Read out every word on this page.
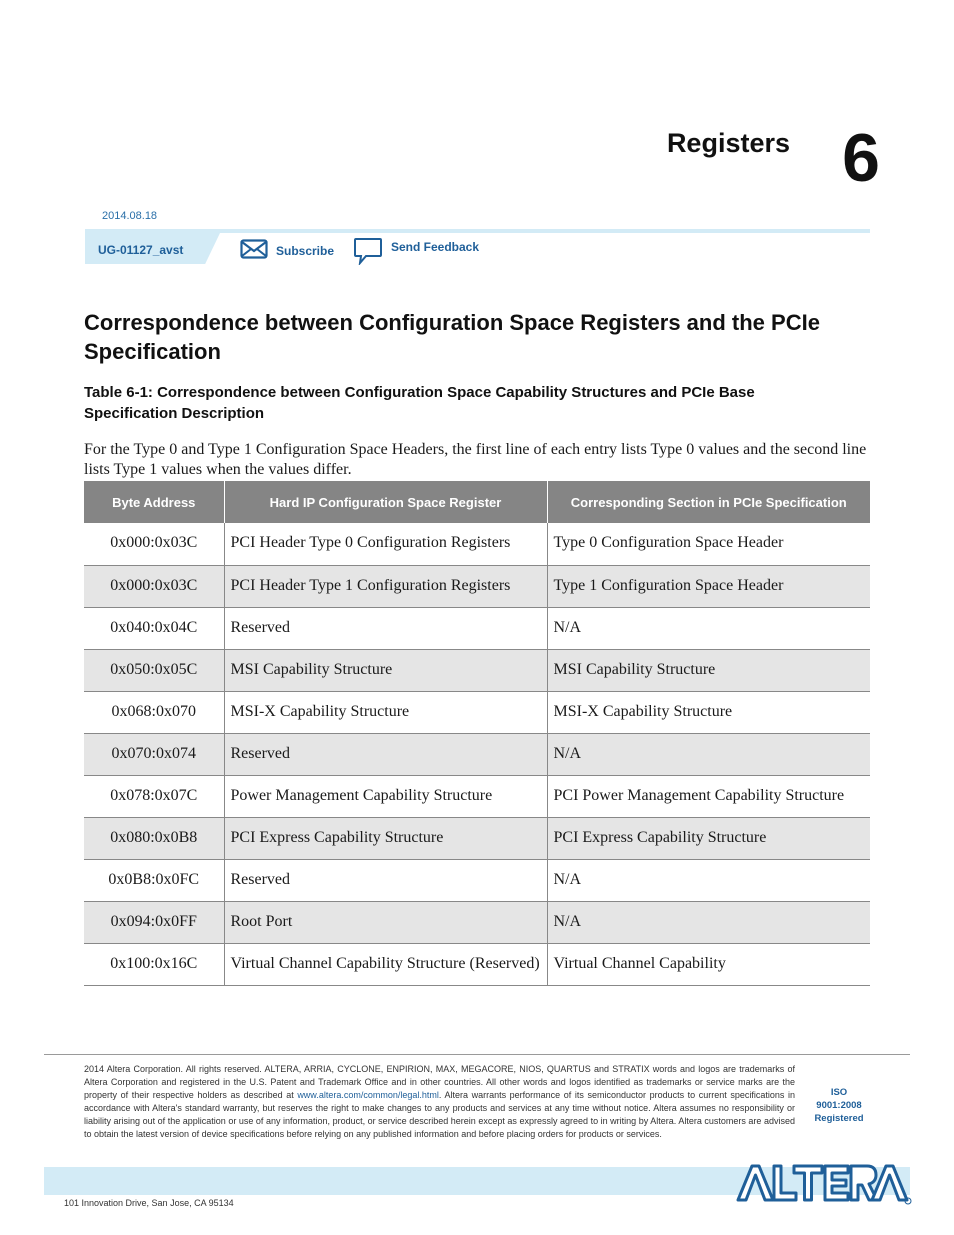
Registers 6
2014.08.18
UG-01127_avst	Subscribe	Send Feedback
Correspondence between Configuration Space Registers and the PCIe Specification
Table 6-1: Correspondence between Configuration Space Capability Structures and PCIe Base Specification Description
For the Type 0 and Type 1 Configuration Space Headers, the first line of each entry lists Type 0 values and the second line lists Type 1 values when the values differ.
Byte Address	Hard IP Configuration Space Register	Corresponding Section in PCIe Specification
0x000:0x03C	PCI Header Type 0 Configuration Registers	Type 0 Configuration Space Header
0x000:0x03C	PCI Header Type 1 Configuration Registers	Type 1 Configuration Space Header
0x040:0x04C	Reserved	N/A
0x050:0x05C	MSI Capability Structure	MSI Capability Structure
0x068:0x070	MSI-X Capability Structure	MSI-X Capability Structure
0x070:0x074	Reserved	N/A
0x078:0x07C	Power Management Capability Structure	PCI Power Management Capability Structure
0x080:0x0B8	PCI Express Capability Structure	PCI Express Capability Structure
0x0B8:0x0FC	Reserved	N/A
0x094:0x0FF	Root Port	N/A
0x100:0x16C	Virtual Channel Capability Structure (Reserved)	Virtual Channel Capability
2014 Altera Corporation. All rights reserved. ALTERA, ARRIA, CYCLONE, ENPIRION, MAX, MEGACORE, NIOS, QUARTUS and STRATIX words and logos are trademarks of Altera Corporation and registered in the U.S. Patent and Trademark Office and in other countries. All other words and logos identified as trademarks or service marks are the property of their respective holders as described at www.altera.com/common/legal.html. Altera warrants performance of its semiconductor products to current specifications in accordance with Altera's standard warranty, but reserves the right to make changes to any products and services at any time without notice. Altera assumes no responsibility or liability arising out of the application or use of any information, product, or service described herein except as expressly agreed to in writing by Altera. Altera customers are advised to obtain the latest version of device specifications before relying on any published information and before placing orders for products or services.
ISO
9001:2008
Registered
101 Innovation Drive, San Jose, CA 95134
